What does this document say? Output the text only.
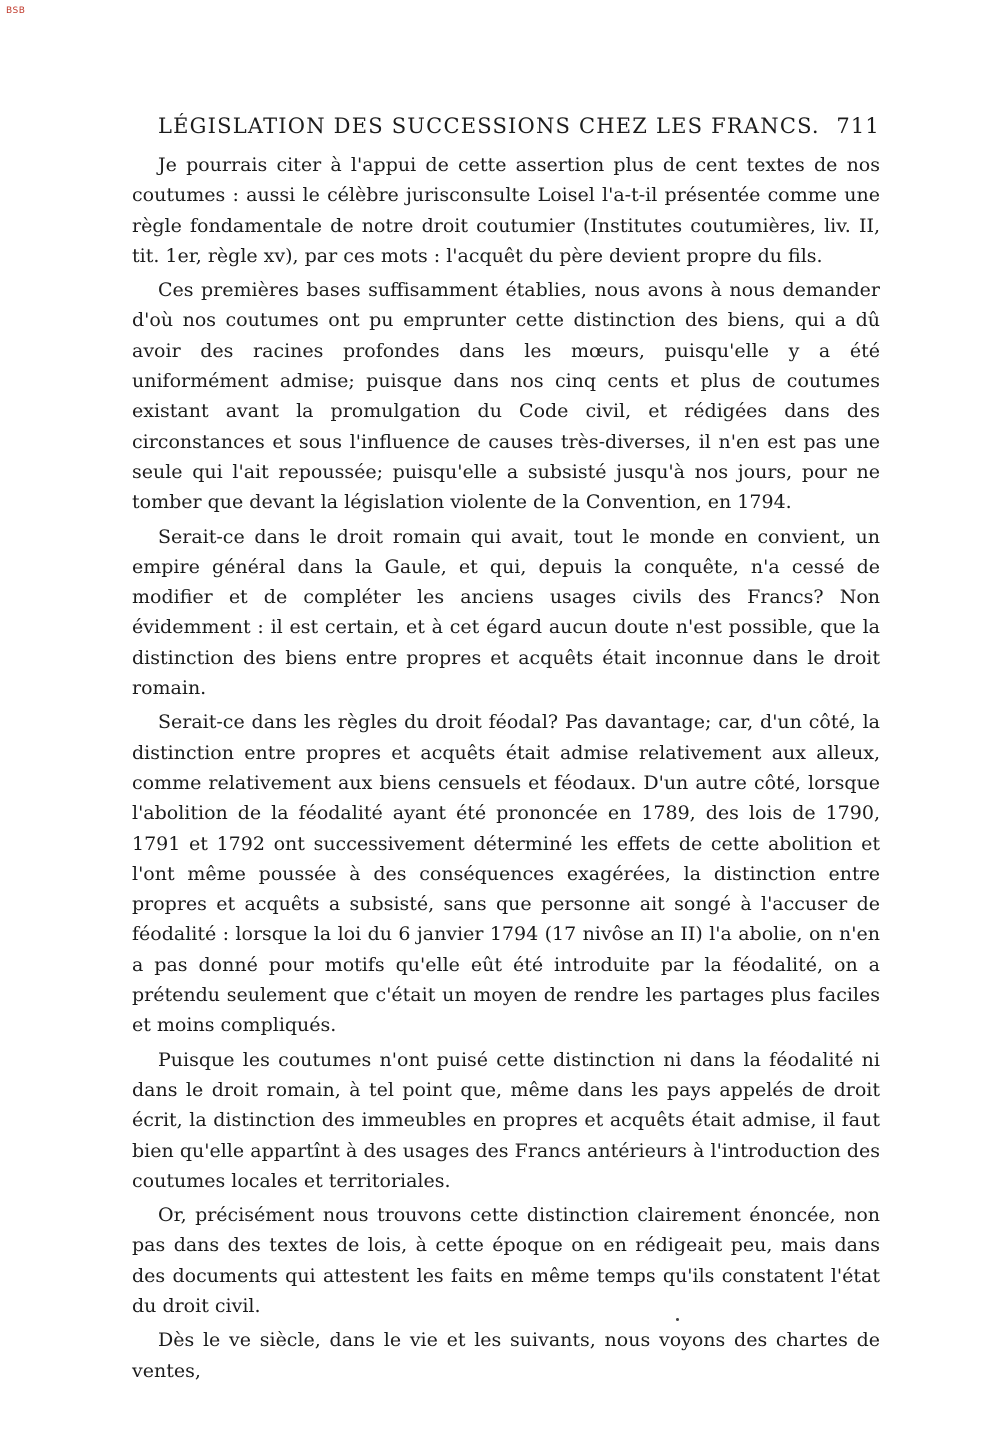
BSB
LÉGISLATION DES SUCCESSIONS CHEZ LES FRANCS. 711

Je pourrais citer à l'appui de cette assertion plus de cent textes de nos coutumes : aussi le célèbre jurisconsulte Loisel l'a-t-il présentée comme une règle fondamentale de notre droit coutumier (Institutes coutumières, liv. II, tit. 1er, règle xv), par ces mots : l'acquêt du père devient propre du fils.

Ces premières bases suffisamment établies, nous avons à nous demander d'où nos coutumes ont pu emprunter cette distinction des biens, qui a dû avoir des racines profondes dans les mœurs, puisqu'elle y a été uniformément admise; puisque dans nos cinq cents et plus de coutumes existant avant la promulgation du Code civil, et rédigées dans des circonstances et sous l'influence de causes très-diverses, il n'en est pas une seule qui l'ait repoussée; puisqu'elle a subsisté jusqu'à nos jours, pour ne tomber que devant la législation violente de la Convention, en 1794.

Serait-ce dans le droit romain qui avait, tout le monde en convient, un empire général dans la Gaule, et qui, depuis la conquête, n'a cessé de modifier et de compléter les anciens usages civils des Francs? Non évidemment : il est certain, et à cet égard aucun doute n'est possible, que la distinction des biens entre propres et acquêts était inconnue dans le droit romain.

Serait-ce dans les règles du droit féodal? Pas davantage; car, d'un côté, la distinction entre propres et acquêts était admise relativement aux alleux, comme relativement aux biens censuels et féodaux. D'un autre côté, lorsque l'abolition de la féodalité ayant été prononcée en 1789, des lois de 1790, 1791 et 1792 ont successivement déterminé les effets de cette abolition et l'ont même poussée à des conséquences exagérées, la distinction entre propres et acquêts a subsisté, sans que personne ait songé à l'accuser de féodalité : lorsque la loi du 6 janvier 1794 (17 nivôse an II) l'a abolie, on n'en a pas donné pour motifs qu'elle eût été introduite par la féodalité, on a prétendu seulement que c'était un moyen de rendre les partages plus faciles et moins compliqués.

Puisque les coutumes n'ont puisé cette distinction ni dans la féodalité ni dans le droit romain, à tel point que, même dans les pays appelés de droit écrit, la distinction des immeubles en propres et acquêts était admise, il faut bien qu'elle appartînt à des usages des Francs antérieurs à l'introduction des coutumes locales et territoriales.

Or, précisément nous trouvons cette distinction clairement énoncée, non pas dans des textes de lois, à cette époque on en rédigeait peu, mais dans des documents qui attestent les faits en même temps qu'ils constatent l'état du droit civil.

Dès le ve siècle, dans le vie et les suivants, nous voyons des chartes de ventes,
